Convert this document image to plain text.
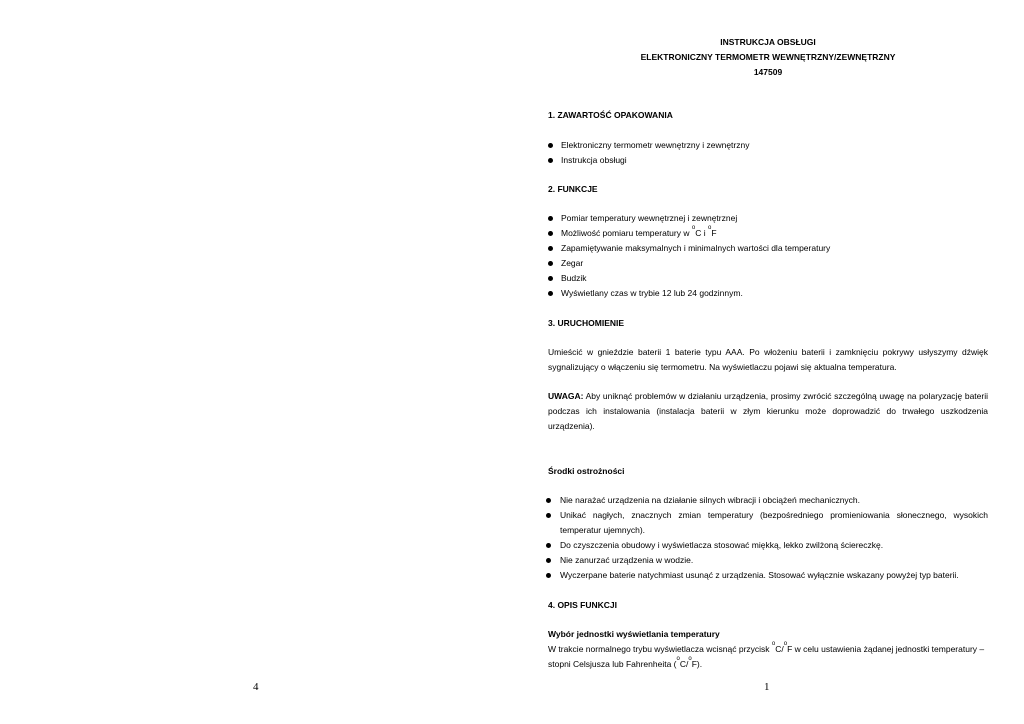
INSTRUKCJA OBSŁUGI
ELEKTRONICZNY TERMOMETR WEWNĘTRZNY/ZEWNĘTRZNY
147509
1. ZAWARTOŚĆ OPAKOWANIA
Elektroniczny termometr wewnętrzny i zewnętrzny
Instrukcja obsługi
2. FUNKCJE
Pomiar temperatury wewnętrznej i zewnętrznej
Możliwość pomiaru temperatury w $^o$C i $^o$F
Zapamiętywanie maksymalnych i minimalnych wartości dla temperatury
Zegar
Budzik
Wyświetlany czas w trybie 12 lub 24 godzinnym.
3. URUCHOMIENIE
Umieścić w gnieździe baterii 1 baterie typu AAA. Po włożeniu baterii i zamknięciu pokrywy usłyszymy dźwięk sygnalizujący o włączeniu się termometru. Na wyświetlaczu pojawi się aktualna temperatura.
UWAGA: Aby uniknąć problemów w działaniu urządzenia, prosimy zwrócić szczególną uwagę na polaryzację baterii podczas ich instalowania (instalacja baterii w złym kierunku może doprowadzić do trwałego uszkodzenia urządzenia).
Środki ostrożności
Nie narażać urządzenia na działanie silnych wibracji i obciążeń mechanicznych.
Unikać nagłych, znacznych zmian temperatury (bezpośredniego promieniowania słonecznego, wysokich temperatur ujemnych).
Do czyszczenia obudowy i wyświetlacza stosować miękką, lekko zwilżoną ściereczkę.
Nie zanurzać urządzenia w wodzie.
Wyczerpane baterie natychmiast usunąć z urządzenia. Stosować wyłącznie wskazany powyżej typ baterii.
4. OPIS FUNKCJI
Wybór jednostki wyświetlania temperatury
W trakcie normalnego trybu wyświetlacza wcisnąć przycisk $^o$C/$^o$F w celu ustawienia żądanej jednostki temperatury – stopni Celsjusza lub Fahrenheita ($^o$C/$^o$F).
4	1
